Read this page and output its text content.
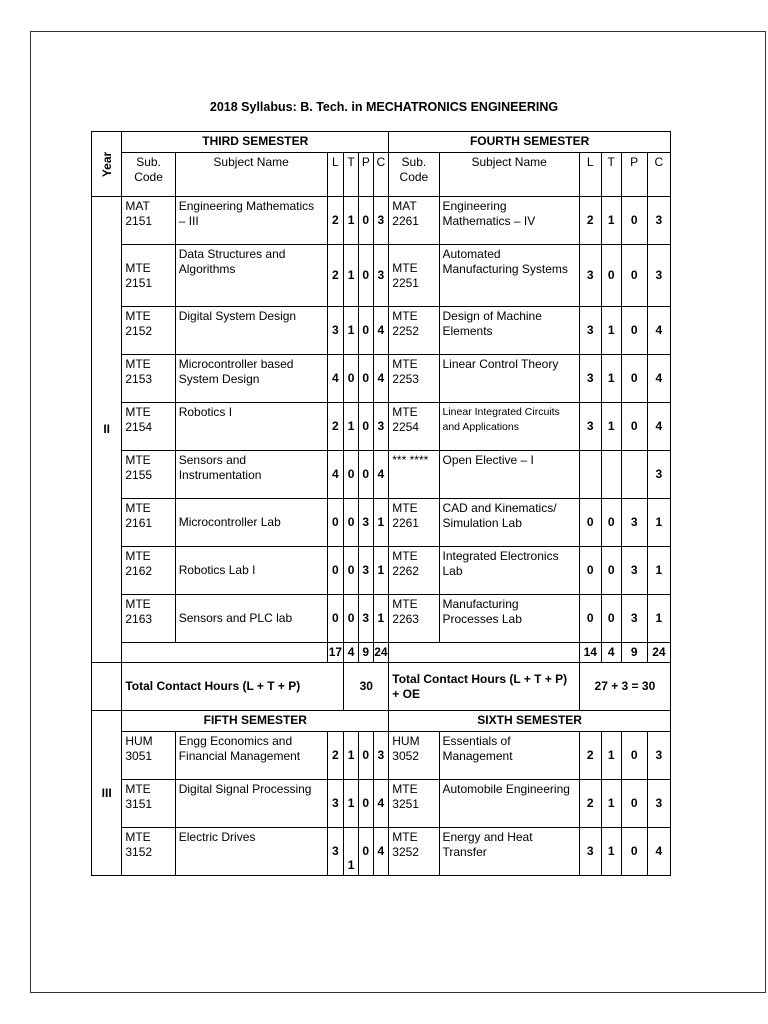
2018 Syllabus: B. Tech. in MECHATRONICS ENGINEERING
Year	THIRD SEMESTER						FOURTH SEMESTER					
	Sub. Code	Subject Name	L	T	P	C	Sub. Code	Subject Name	L	T	P	C
II	MAT 2151	Engineering Mathematics – III	2	1	0	3	MAT 2261	Engineering Mathematics – IV	2	1	0	3
	MTE 2151	Data Structures and Algorithms	2	1	0	3	MTE 2251	Automated Manufacturing Systems	3	0	0	3
	MTE 2152	Digital System Design	3	1	0	4	MTE 2252	Design of Machine Elements	3	1	0	4
	MTE 2153	Microcontroller based System Design	4	0	0	4	MTE 2253	Linear Control Theory	3	1	0	4
	MTE 2154	Robotics I	2	1	0	3	MTE 2254	Linear Integrated Circuits and Applications	3	1	0	4
	MTE 2155	Sensors and Instrumentation	4	0	0	4	*** ****	Open Elective – I				3
	MTE 2161	Microcontroller Lab	0	0	3	1	MTE 2261	CAD and Kinematics/ Simulation Lab	0	0	3	1
	MTE 2162	Robotics Lab I	0	0	3	1	MTE 2262	Integrated Electronics Lab	0	0	3	1
	MTE 2163	Sensors and PLC lab	0	0	3	1	MTE 2263	Manufacturing Processes Lab	0	0	3	1
			17	4	9	24			14	4	9	24
	Total Contact Hours (L + T + P)			30			Total Contact Hours (L + T + P) + OE		27 + 3 = 30			
III	FIFTH SEMESTER						SIXTH SEMESTER					
	HUM 3051	Engg Economics and Financial Management	2	1	0	3	HUM 3052	Essentials of Management	2	1	0	3
	MTE 3151	Digital Signal Processing	3	1	0	4	MTE 3251	Automobile Engineering	2	1	0	3
	MTE 3152	Electric Drives	3	1	0	4	MTE 3252	Energy and Heat Transfer	3	1	0	4
